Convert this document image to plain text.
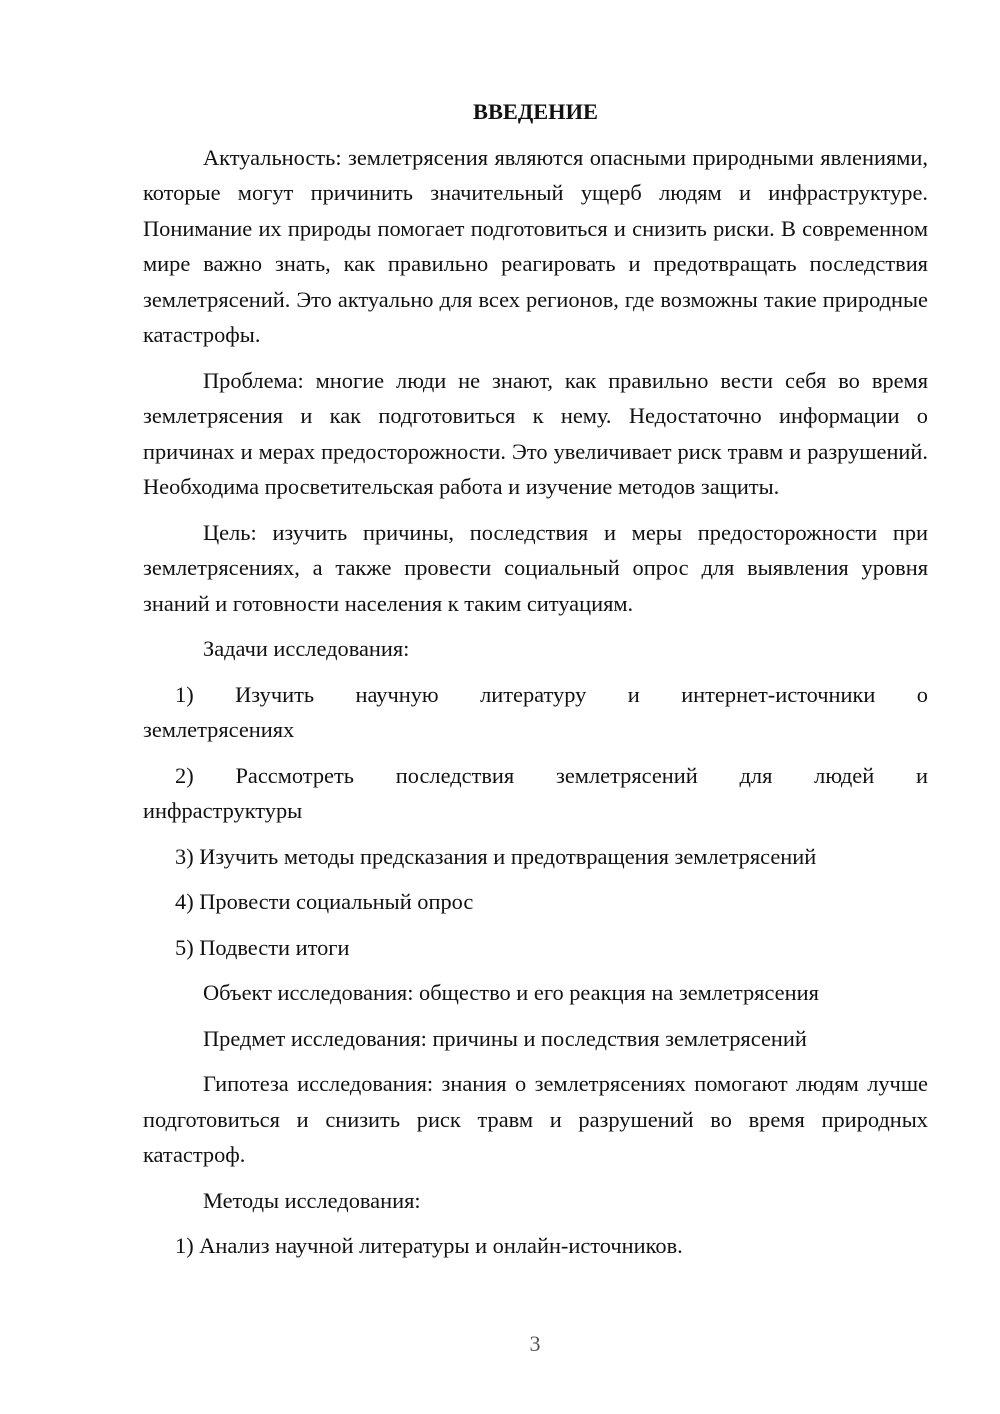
ВВЕДЕНИЕ

Актуальность: землетрясения являются опасными природными явлениями, которые могут причинить значительный ущерб людям и инфраструктуре. Понимание их природы помогает подготовиться и снизить риски. В современном мире важно знать, как правильно реагировать и предотвращать последствия землетрясений. Это актуально для всех регионов, где возможны такие природные катастрофы.

Проблема: многие люди не знают, как правильно вести себя во время землетрясения и как подготовиться к нему. Недостаточно информации о причинах и мерах предосторожности. Это увеличивает риск травм и разрушений. Необходима просветительская работа и изучение методов защиты.

Цель: изучить причины, последствия и меры предосторожности при землетрясениях, а также провести социальный опрос для выявления уровня знаний и готовности населения к таким ситуациям.

Задачи исследования:

1) Изучить научную литературу и интернет-источники о

землетрясениях

2) Рассмотреть последствия землетрясений для людей и

инфраструктуры

3) Изучить методы предсказания и предотвращения землетрясений

4) Провести социальный опрос

5) Подвести итоги

Объект исследования: общество и его реакция на землетрясения

Предмет исследования: причины и последствия землетрясений

Гипотеза исследования: знания о землетрясениях помогают людям лучше подготовиться и снизить риск травм и разрушений во время природных катастроф.

Методы исследования:

1) Анализ научной литературы и онлайн-источников.

3
